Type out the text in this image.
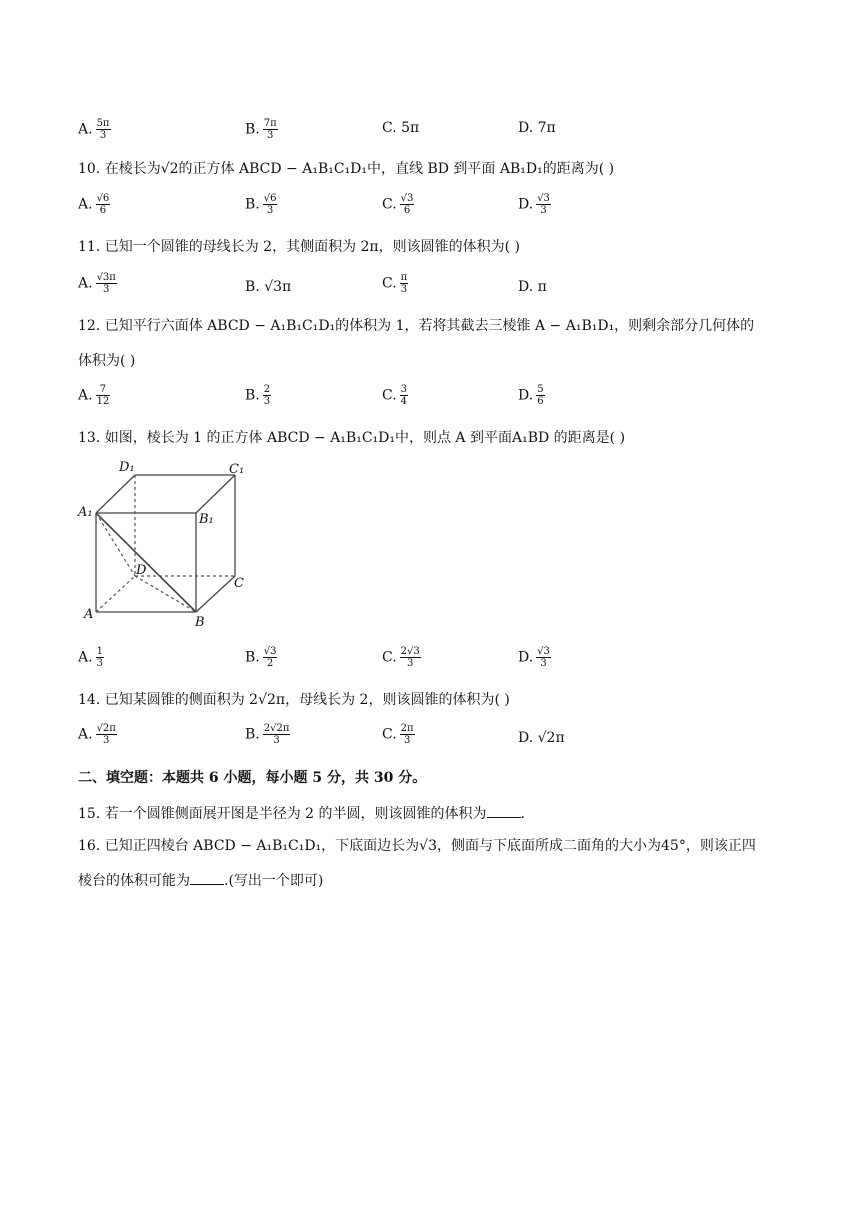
A. $\frac{5\pi}{3}$	B. $\frac{7\pi}{3}$	C. 5π	D. 7π
10. 在棱长为√2的正方体 ABCD − A₁B₁C₁D₁中，直线 BD 到平面 AB₁D₁的距离为( )
A. $\frac{√6}{6}$	B. $\frac{√6}{3}$	C. $\frac{√3}{6}$	D. $\frac{√3}{3}$
11. 已知一个圆锥的母线长为 2，其侧面积为 2π，则该圆锥的体积为( )
A. $\frac{√3\pi}{3}$	B. √3π	C. $\frac{\pi}{3}$	D. π
12. 已知平行六面体 ABCD − A₁B₁C₁D₁的体积为 1，若将其截去三棱锥 A − A₁B₁D₁，则剩余部分几何体的
体积为( )
A. $\frac{7}{12}$	B. $\frac{2}{3}$	C. $\frac{3}{4}$	D. $\frac{5}{6}$
13. 如图，棱长为 1 的正方体 ABCD − A₁B₁C₁D₁中，则点 A 到平面A₁BD 的距离是( )
D₁	C₁
A₁	B₁
D
C
A
B
A. $\frac{1}{3}$	B. $\frac{√3}{2}$	C. $\frac{2√3}{3}$	D. $\frac{√3}{3}$
14. 已知某圆锥的侧面积为 2√2π，母线长为 2，则该圆锥的体积为( )
A. $\frac{√2\pi}{3}$	B. $\frac{2√2\pi}{3}$	C. $\frac{2\pi}{3}$	D. √2π
二、填空题：本题共 6 小题，每小题 5 分，共 30 分。
15. 若一个圆锥侧面展开图是半径为 2 的半圆，则该圆锥的体积为 .
16. 已知正四棱台 ABCD − A₁B₁C₁D₁，下底面边长为√3，侧面与下底面所成二面角的大小为45°，则该正四
棱台的体积可能为 .(写出一个即可)
